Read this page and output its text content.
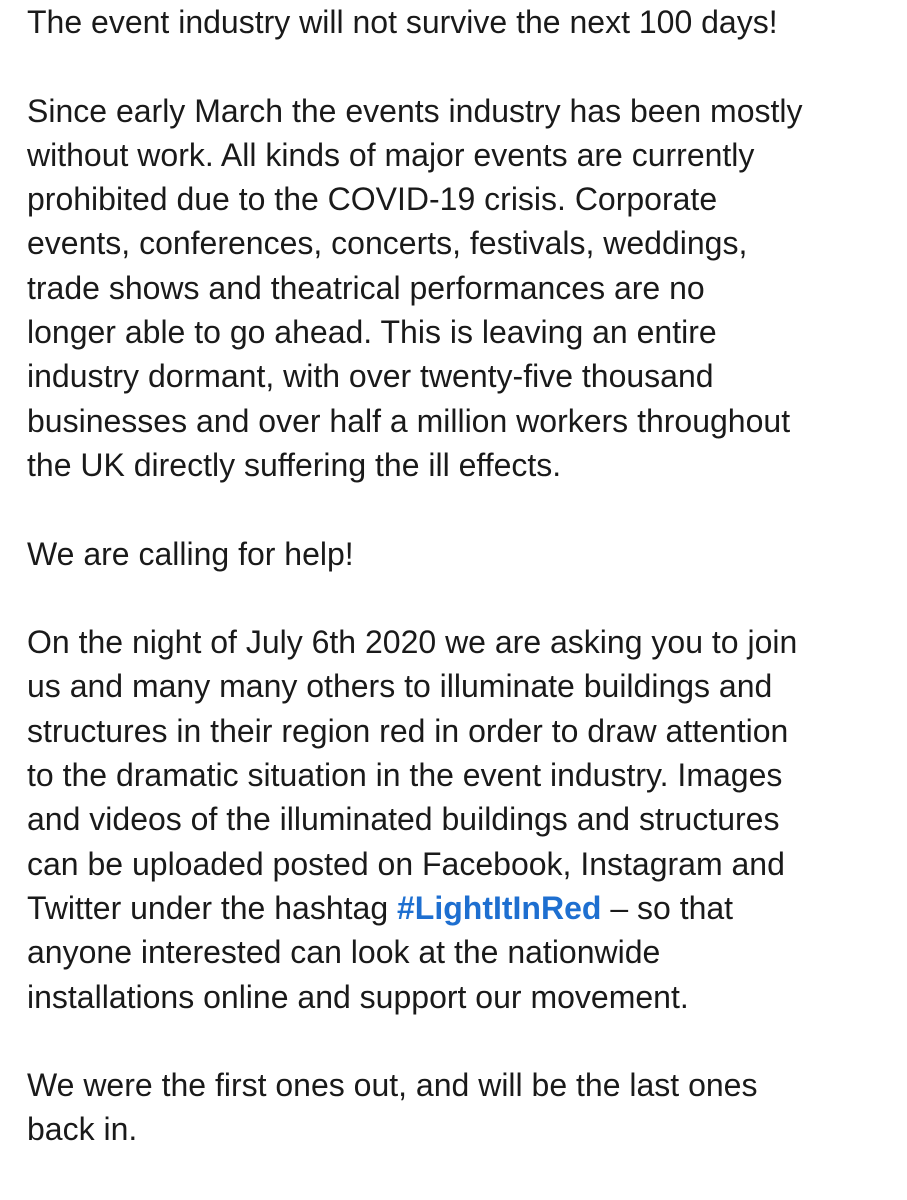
The event industry will not survive the next 100 days!
Since early March the events industry has been mostly
without work. All kinds of major events are currently
prohibited due to the COVID-19 crisis. Corporate
events, conferences, concerts, festivals, weddings,
trade shows and theatrical performances are no
longer able to go ahead. This is leaving an entire
industry dormant, with over twenty-five thousand
businesses and over half a million workers throughout
the UK directly suffering the ill effects.
We are calling for help!
On the night of July 6th 2020 we are asking you to join
us and many many others to illuminate buildings and
structures in their region red in order to draw attention
to the dramatic situation in the event industry. Images
and videos of the illuminated buildings and structures
can be uploaded posted on Facebook, Instagram and
Twitter under the hashtag #LightItInRed – so that
anyone interested can look at the nationwide
installations online and support our movement.
We were the first ones out, and will be the last ones
back in.
